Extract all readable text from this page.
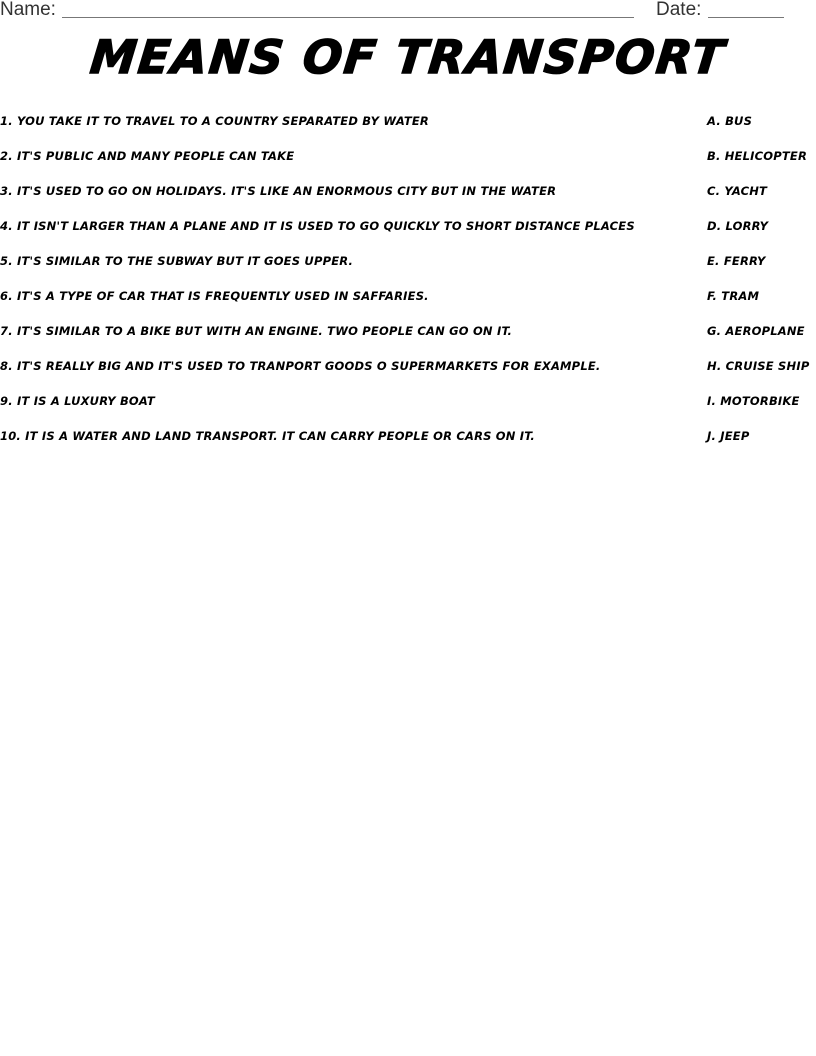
Name:	Date:
MEANS OF TRANSPORT
1. YOU TAKE IT TO TRAVEL TO A COUNTRY SEPARATED BY WATER	A. BUS
2. IT'S PUBLIC AND MANY PEOPLE CAN TAKE	B. HELICOPTER
3. IT'S USED TO GO ON HOLIDAYS. IT'S LIKE AN ENORMOUS CITY BUT IN THE WATER	C. YACHT
4. IT ISN'T LARGER THAN A PLANE AND IT IS USED TO GO QUICKLY TO SHORT DISTANCE PLACES	D. LORRY
5. IT'S SIMILAR TO THE SUBWAY BUT IT GOES UPPER.	E. FERRY
6. IT'S A TYPE OF CAR THAT IS FREQUENTLY USED IN SAFFARIES.	F. TRAM
7. IT'S SIMILAR TO A BIKE BUT WITH AN ENGINE. TWO PEOPLE CAN GO ON IT.	G. AEROPLANE
8. IT'S REALLY BIG AND IT'S USED TO TRANPORT GOODS O SUPERMARKETS FOR EXAMPLE.	H. CRUISE SHIP
9. IT IS A LUXURY BOAT	I. MOTORBIKE
10. IT IS A WATER AND LAND TRANSPORT. IT CAN CARRY PEOPLE OR CARS ON IT.	J. JEEP
